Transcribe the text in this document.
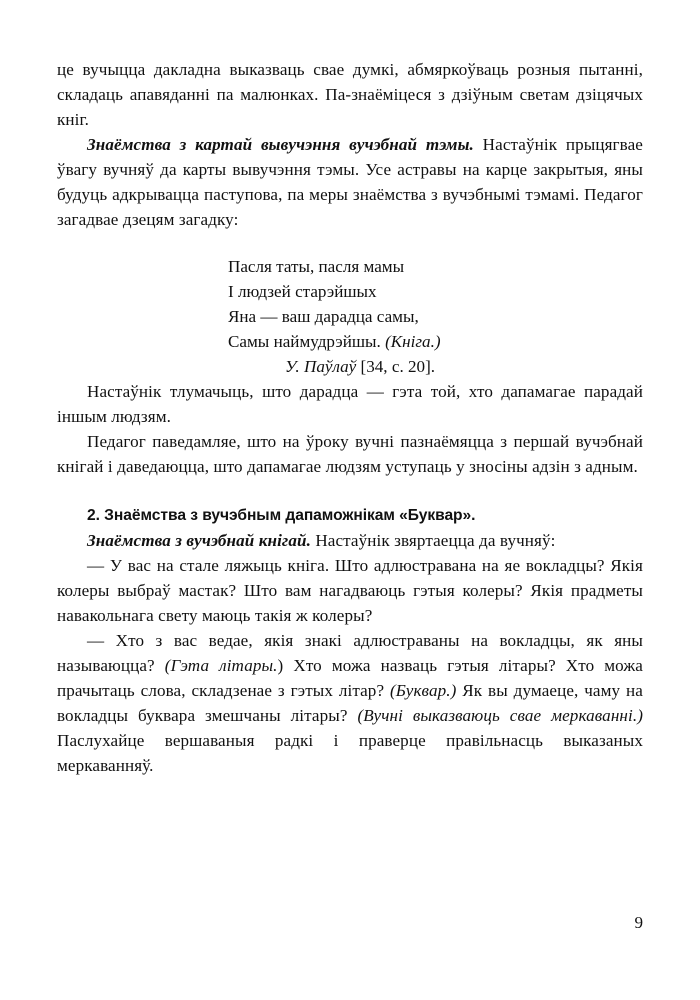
це вучыцца дакладна выказваць свае думкі, абмяркоўваць розныя пытанні, складаць апавяданні па малюнках. Па-знаёміцеся з дзіўным светам дзіцячых кніг.

Знаёмства з картай вывучэння вучэбнай тэмы. Настаўнік прыцягвае ўвагу вучняў да карты вывучэння тэмы. Усе астравы на карце закрытыя, яны будуць адкрывацца паступова, па меры знаёмства з вучэбнымі тэмамі. Педагог загадвае дзецям загадку:

Пасля таты, пасля мамы
І людзей старэйшых
Яна — ваш дарадца самы,
Самы наймудрэйшы. (Кніга.)
У. Паўлаў [34, с. 20].

Настаўнік тлумачыць, што дарадца — гэта той, хто дапамагае парадай іншым людзям.

Педагог паведамляе, што на ўроку вучні пазнаёмяцца з першай вучэбнай кнігай і даведаюцца, што дапамагае людзям уступаць у зносіны адзін з адным.

2. Знаёмства з вучэбным дапаможнікам «Буквар».

Знаёмства з вучэбнай кнігай. Настаўнік звяртаецца да вучняў:

— У вас на стале ляжыць кніга. Што адлюстравана на яе вокладцы? Якія колеры выбраў мастак? Што вам нагадваюць гэтыя колеры? Якія прадметы навакольнага свету маюць такія ж колеры?

— Хто з вас ведае, якія знакі адлюстраваны на вокладцы, як яны называюцца? (Гэта літары.) Хто можа назваць гэтыя літары? Хто можа прачытаць слова, складзенае з гэтых літар? (Буквар.) Як вы думаеце, чаму на вокладцы буквара змешчаны літары? (Вучні выказваюць свае меркаванні.) Паслухайце вершаваныя радкі і праверце правільнасць выказаных меркаванняў.

9
